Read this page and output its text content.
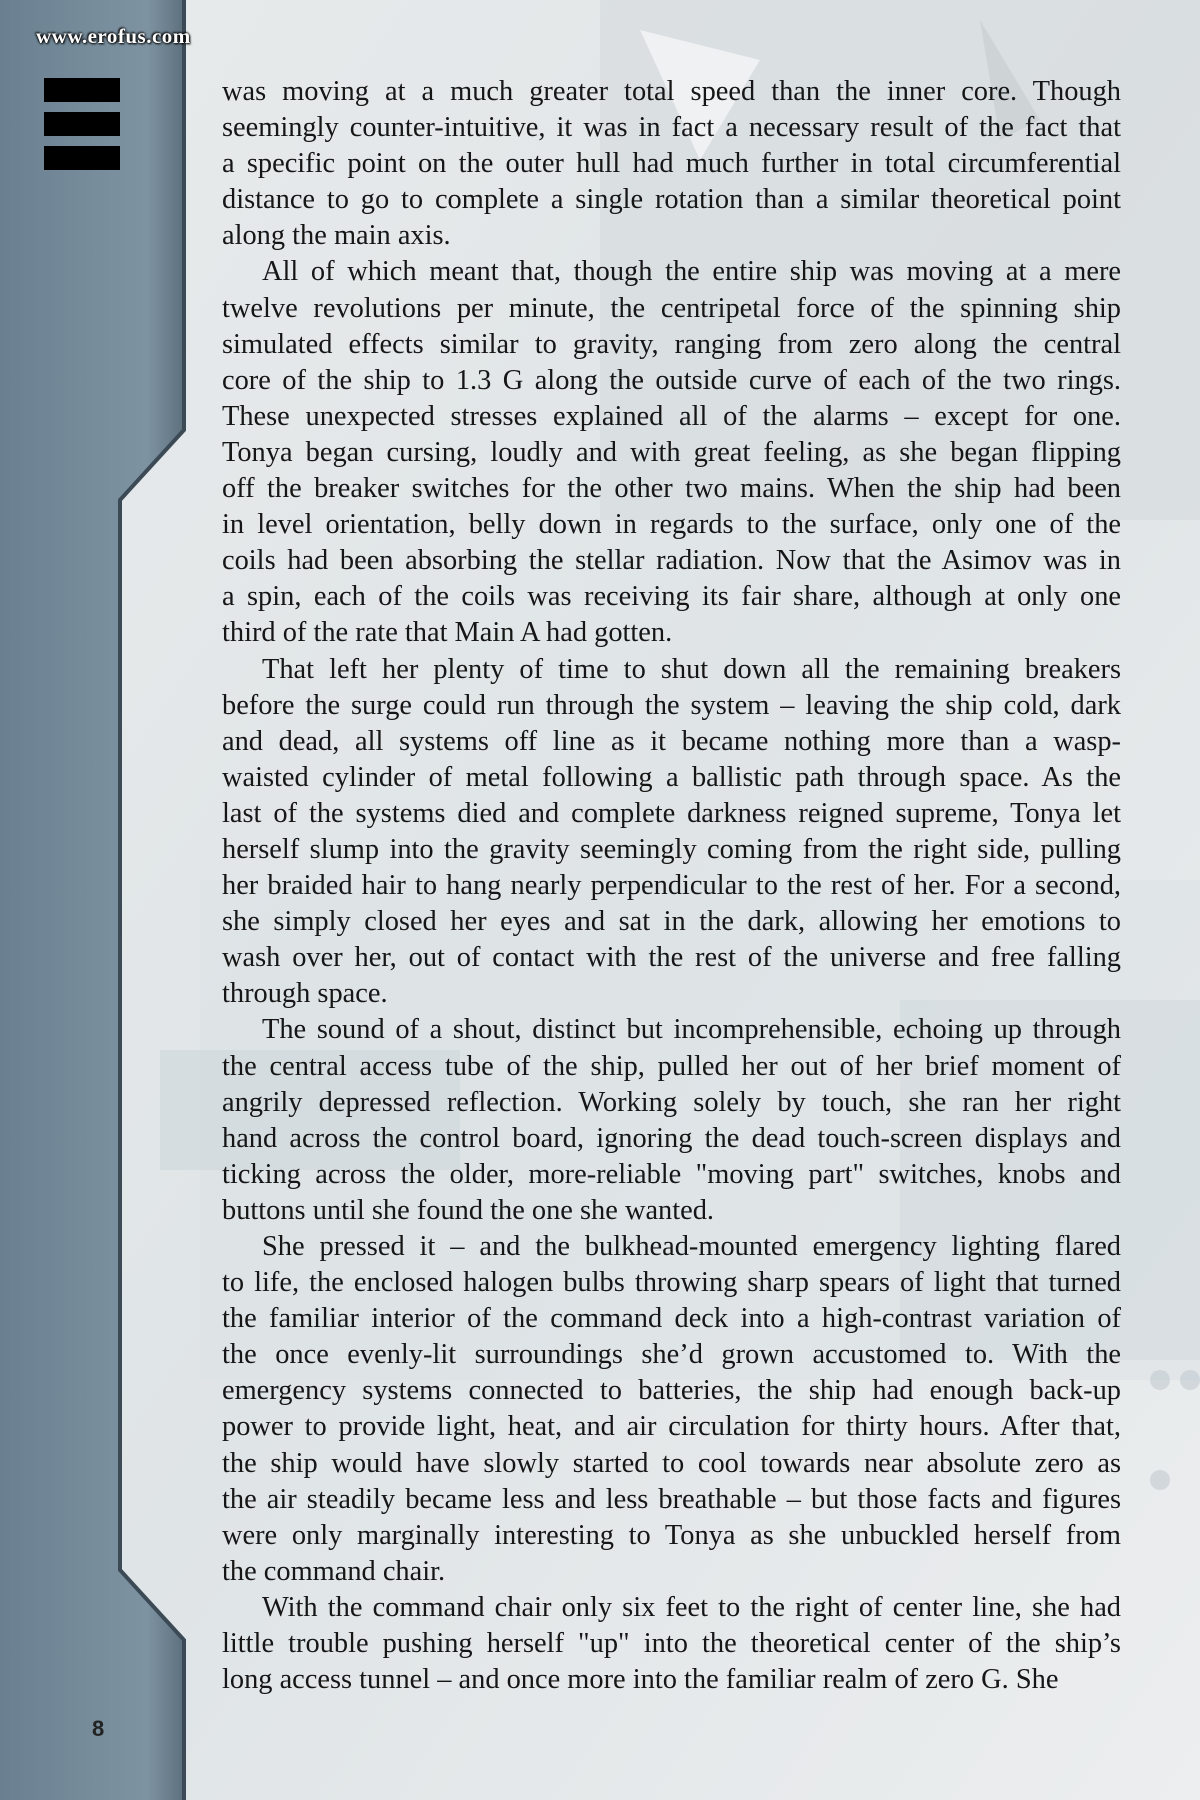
www.erofus.com
8
was moving at a much greater total speed than the inner core. Though
seemingly counter-intuitive, it was in fact a necessary result of the fact that
a specific point on the outer hull had much further in total circumferential
distance to go to complete a single rotation than a similar theoretical point
along the main axis.
All of which meant that, though the entire ship was moving at a mere
twelve revolutions per minute, the centripetal force of the spinning ship
simulated effects similar to gravity, ranging from zero along the central
core of the ship to 1.3 G along the outside curve of each of the two rings.
These unexpected stresses explained all of the alarms – except for one.
Tonya began cursing, loudly and with great feeling, as she began flipping
off the breaker switches for the other two mains. When the ship had been
in level orientation, belly down in regards to the surface, only one of the
coils had been absorbing the stellar radiation. Now that the Asimov was in
a spin, each of the coils was receiving its fair share, although at only one
third of the rate that Main A had gotten.
That left her plenty of time to shut down all the remaining breakers
before the surge could run through the system – leaving the ship cold, dark
and dead, all systems off line as it became nothing more than a wasp-
waisted cylinder of metal following a ballistic path through space. As the
last of the systems died and complete darkness reigned supreme, Tonya let
herself slump into the gravity seemingly coming from the right side, pulling
her braided hair to hang nearly perpendicular to the rest of her. For a second,
she simply closed her eyes and sat in the dark, allowing her emotions to
wash over her, out of contact with the rest of the universe and free falling
through space.
The sound of a shout, distinct but incomprehensible, echoing up through
the central access tube of the ship, pulled her out of her brief moment of
angrily depressed reflection. Working solely by touch, she ran her right
hand across the control board, ignoring the dead touch-screen displays and
ticking across the older, more-reliable "moving part" switches, knobs and
buttons until she found the one she wanted.
She pressed it – and the bulkhead-mounted emergency lighting flared
to life, the enclosed halogen bulbs throwing sharp spears of light that turned
the familiar interior of the command deck into a high-contrast variation of
the once evenly-lit surroundings she’d grown accustomed to. With the
emergency systems connected to batteries, the ship had enough back-up
power to provide light, heat, and air circulation for thirty hours. After that,
the ship would have slowly started to cool towards near absolute zero as
the air steadily became less and less breathable – but those facts and figures
were only marginally interesting to Tonya as she unbuckled herself from
the command chair.
With the command chair only six feet to the right of center line, she had
little trouble pushing herself "up" into the theoretical center of the ship’s
long access tunnel – and once more into the familiar realm of zero G. She
